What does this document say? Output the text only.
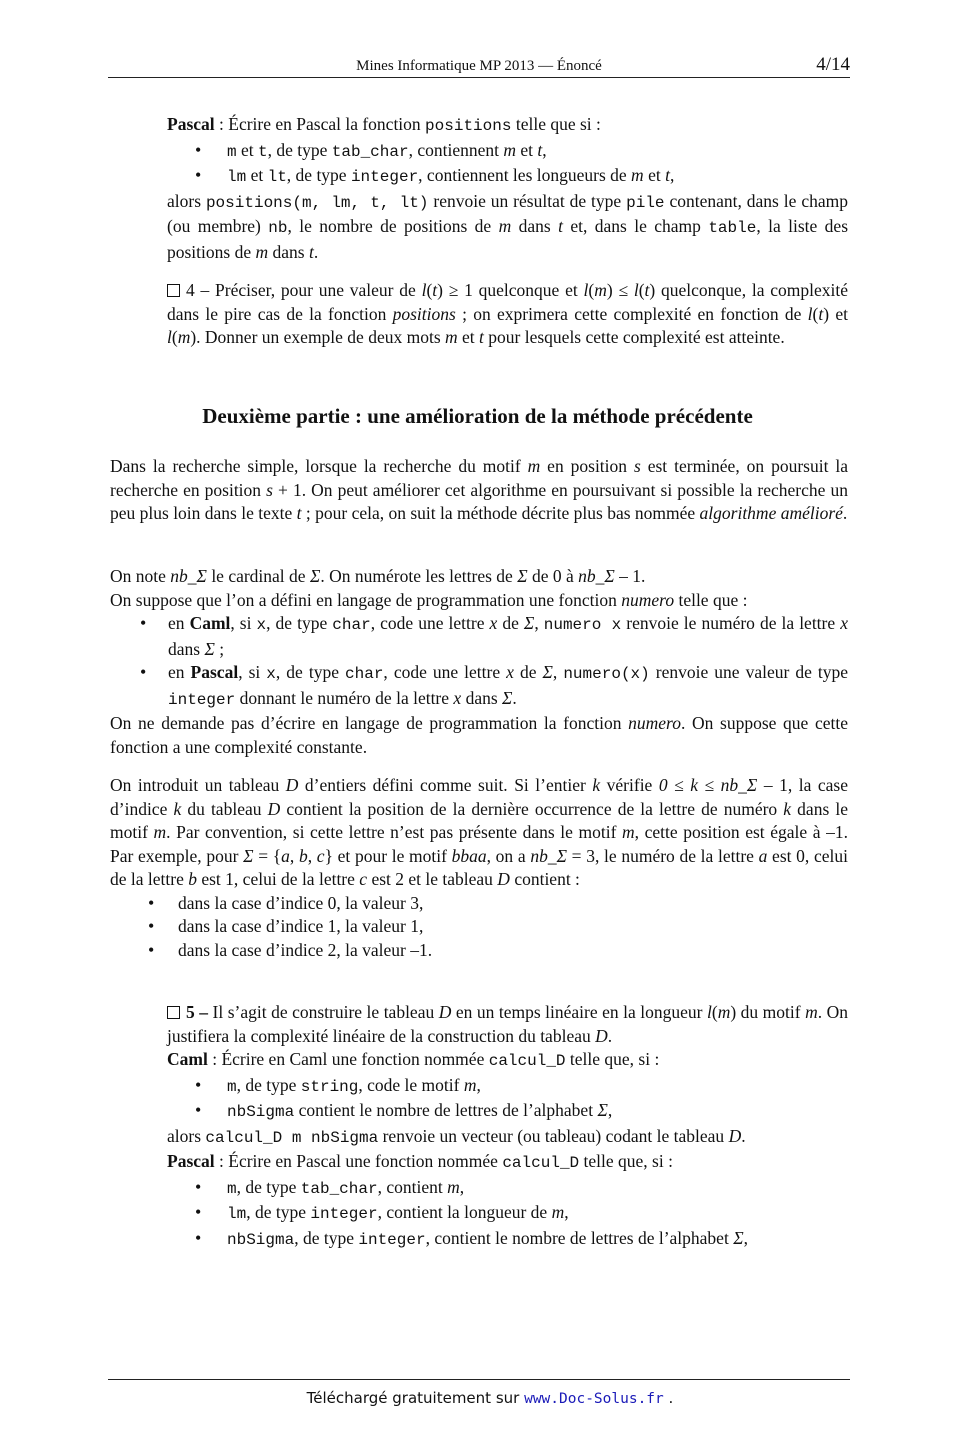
Mines Informatique MP 2013 — Énoncé	4/14

Pascal : Écrire en Pascal la fonction positions telle que si :

• m et t, de type tab_char, contiennent m et t,

• lm et lt, de type integer, contiennent les longueurs de m et t,

alors positions(m, lm, t, lt) renvoie un résultat de type pile contenant, dans le champ (ou membre) nb, le nombre de positions de m dans t et, dans le champ table, la liste des positions de m dans t.

4 – Préciser, pour une valeur de l(t) ≥ 1 quelconque et l(m) ≤ l(t) quelconque, la complexité dans le pire cas de la fonction positions ; on exprimera cette complexité en fonction de l(t) et l(m). Donner un exemple de deux mots m et t pour lesquels cette complexité est atteinte.

Deuxième partie : une amélioration de la méthode précédente

Dans la recherche simple, lorsque la recherche du motif m en position s est terminée, on poursuit la recherche en position s + 1. On peut améliorer cet algorithme en poursuivant si possible la recherche un peu plus loin dans le texte t ; pour cela, on suit la méthode décrite plus bas nommée algorithme amélioré.

On note nb_Σ le cardinal de Σ. On numérote les lettres de Σ de 0 à nb_Σ – 1.

On suppose que l’on a défini en langage de programmation une fonction numero telle que :

• en Caml, si x, de type char, code une lettre x de Σ, numero x renvoie le numéro de la lettre x dans Σ ;

• en Pascal, si x, de type char, code une lettre x de Σ, numero(x) renvoie une valeur de type integer donnant le numéro de la lettre x dans Σ.

On ne demande pas d’écrire en langage de programmation la fonction numero. On suppose que cette fonction a une complexité constante.

On introduit un tableau D d’entiers défini comme suit. Si l’entier k vérifie 0 ≤ k ≤ nb_Σ – 1, la case d’indice k du tableau D contient la position de la dernière occurrence de la lettre de numéro k dans le motif m. Par convention, si cette lettre n’est pas présente dans le motif m, cette position est égale à –1. Par exemple, pour Σ = {a, b, c} et pour le motif bbaa, on a nb_Σ = 3, le numéro de la lettre a est 0, celui de la lettre b est 1, celui de la lettre c est 2 et le tableau D contient :

• dans la case d’indice 0, la valeur 3,

• dans la case d’indice 1, la valeur 1,

• dans la case d’indice 2, la valeur –1.

5 – Il s’agit de construire le tableau D en un temps linéaire en la longueur l(m) du motif m. On justifiera la complexité linéaire de la construction du tableau D.

Caml : Écrire en Caml une fonction nommée calcul_D telle que, si :

• m, de type string, code le motif m,

• nbSigma contient le nombre de lettres de l’alphabet Σ,

alors calcul_D m nbSigma renvoie un vecteur (ou tableau) codant le tableau D.

Pascal : Écrire en Pascal une fonction nommée calcul_D telle que, si :

• m, de type tab_char, contient m,

• lm, de type integer, contient la longueur de m,

• nbSigma, de type integer, contient le nombre de lettres de l’alphabet Σ,

Téléchargé gratuitement sur www.Doc-Solus.fr .
